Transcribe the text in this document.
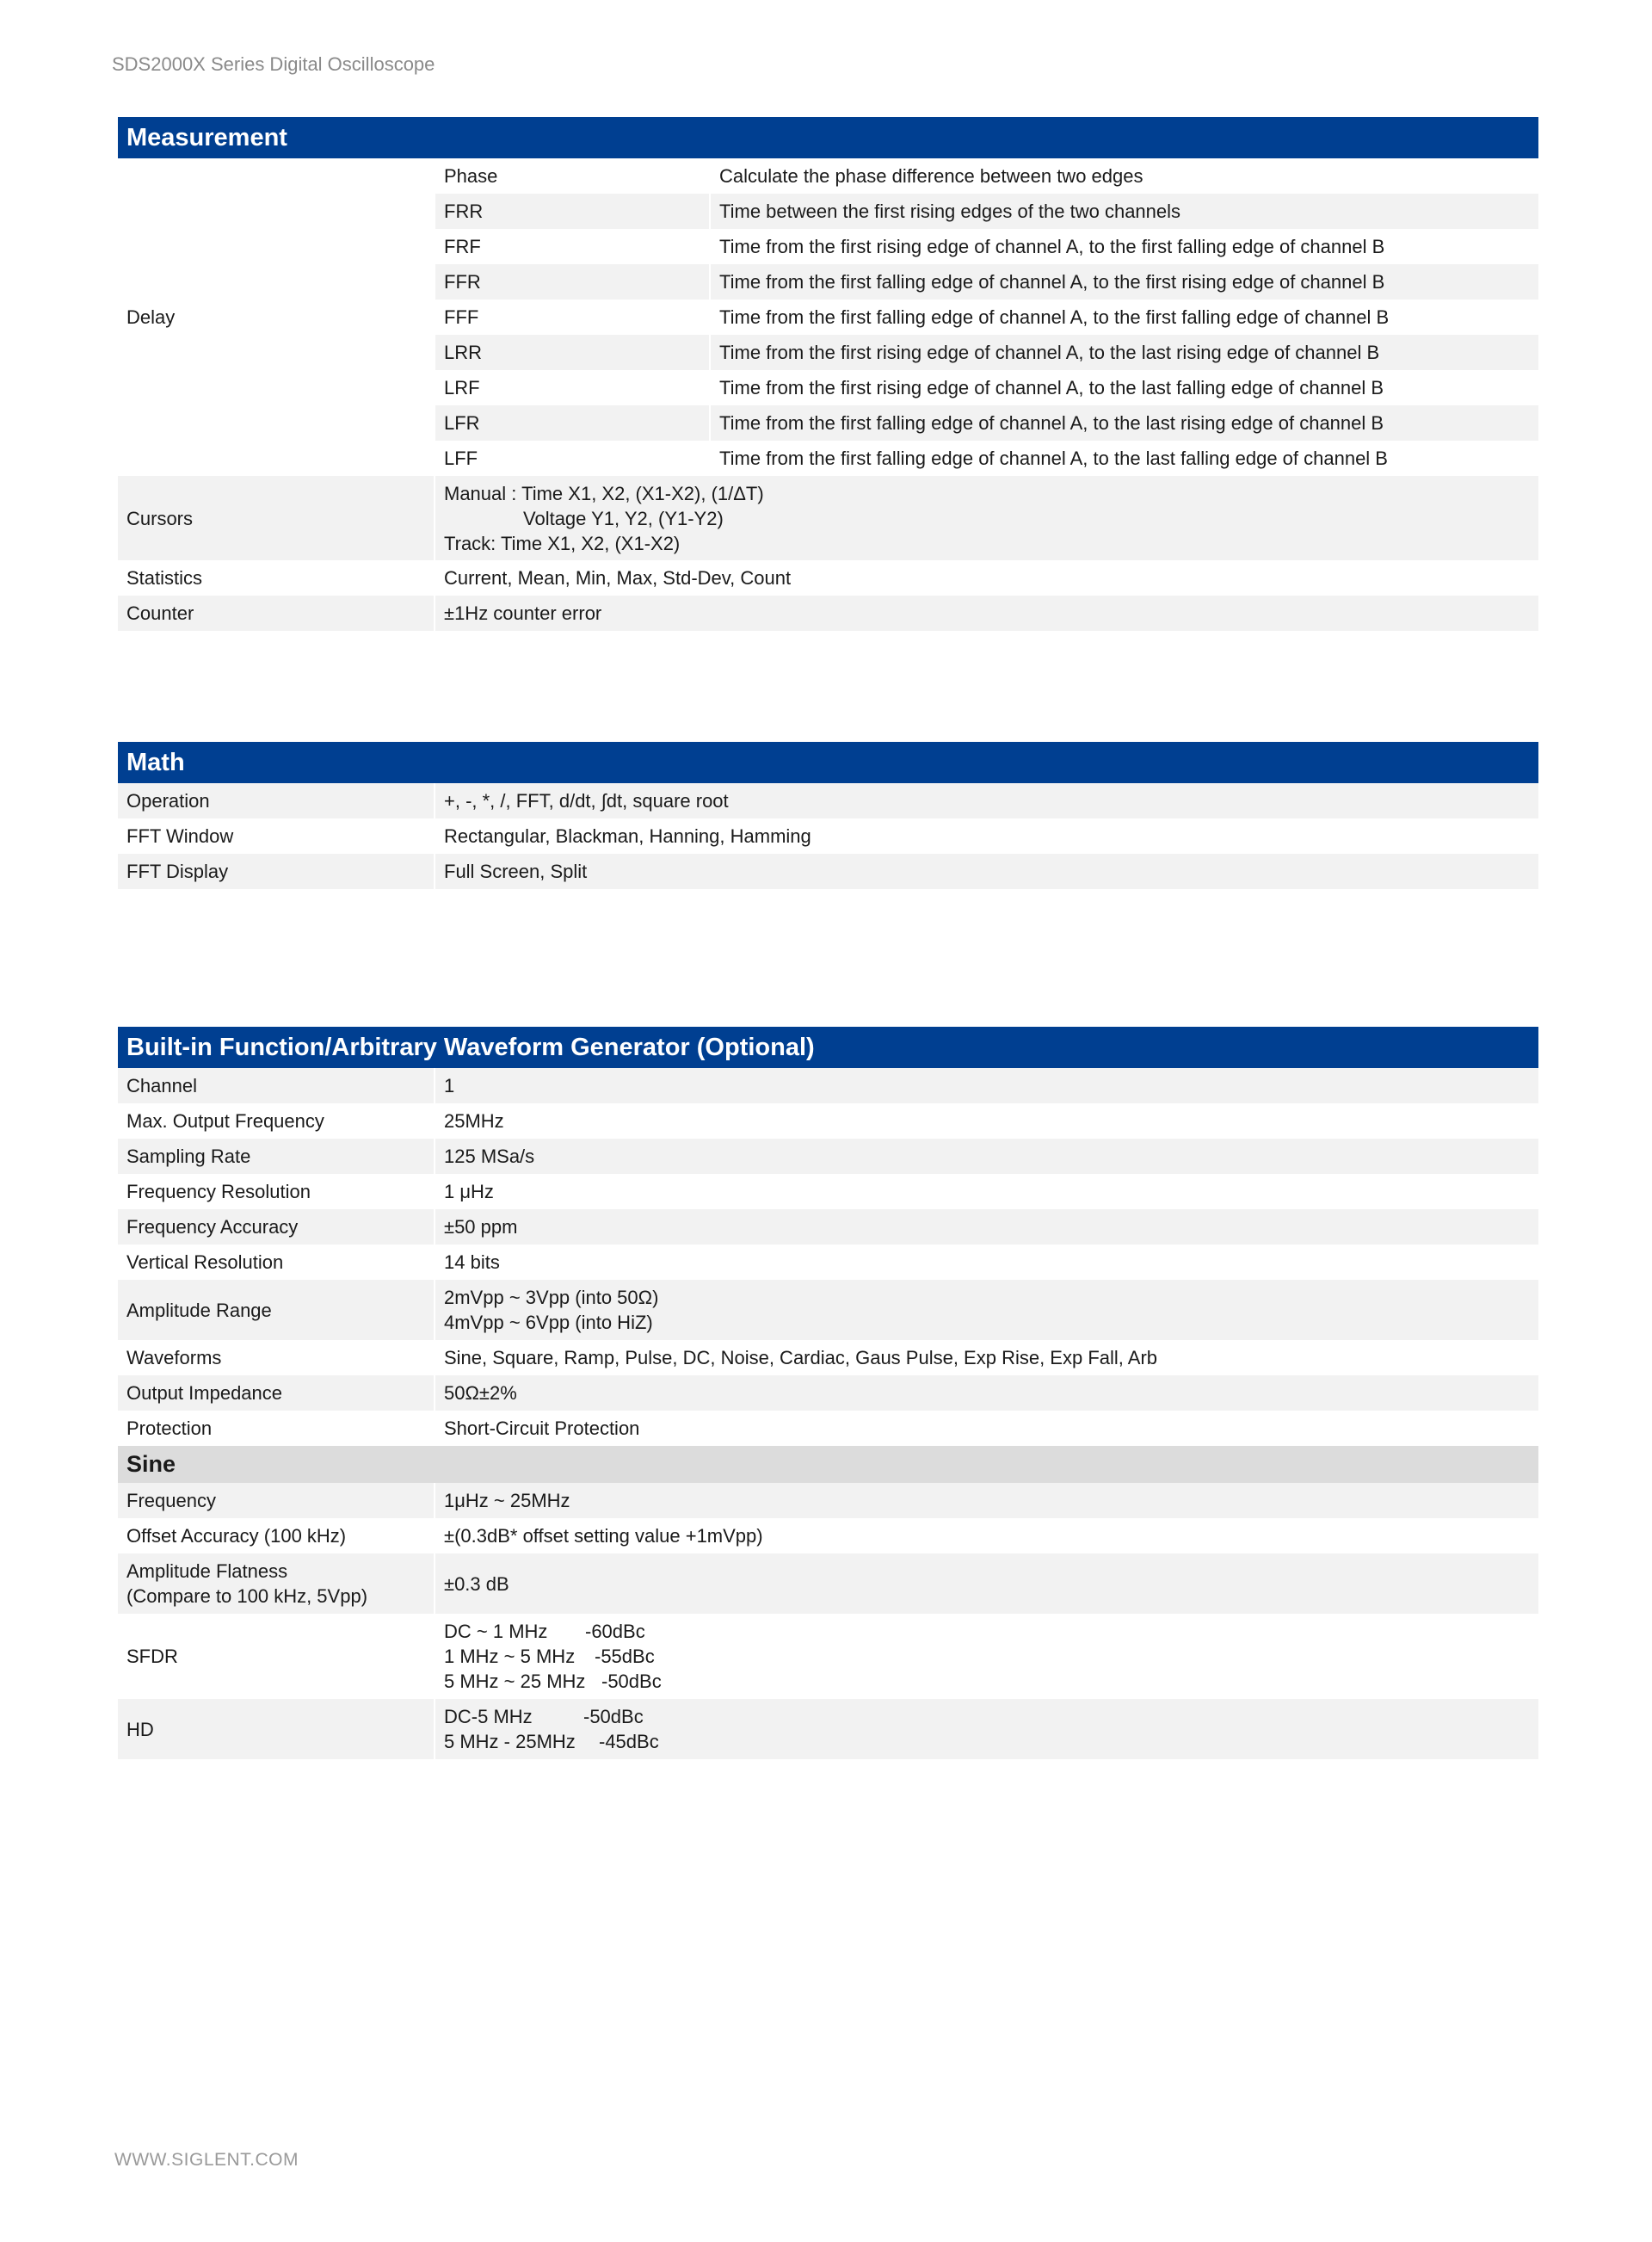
SDS2000X Series Digital Oscilloscope
Measurement		
Delay	Phase	Calculate the phase difference between two edges
	FRR	Time between the first rising edges of the two channels
	FRF	Time from the first rising edge of channel A, to the first falling edge of channel B
	FFR	Time from the first falling edge of channel A, to the first rising edge of channel B
	FFF	Time from the first falling edge of channel A, to the first falling edge of channel B
	LRR	Time from the first rising edge of channel A, to the last rising edge of channel B
	LRF	Time from the first rising edge of channel A, to the last falling edge of channel B
	LFR	Time from the first falling edge of channel A, to the last rising edge of channel B
	LFF	Time from the first falling edge of channel A, to the last falling edge of channel B
Cursors	Manual : Time X1, X2, (X1-X2), (1/ΔT)
Voltage Y1, Y2, (Y1-Y2)
Track: Time X1, X2, (X1-X2)	

Statistics	Current, Mean, Min, Max, Std-Dev, Count	
Counter	±1Hz counter error	
Math	
Operation	+, -, *, /, FFT, d/dt, ∫dt, square root
FFT Window	Rectangular, Blackman, Hanning, Hamming
FFT Display	Full Screen, Split
Built-in Function/Arbitrary Waveform Generator (Optional)	
Channel	1
Max. Output Frequency	25MHz
Sampling Rate	125 MSa/s
Frequency Resolution	1 μHz
Frequency Accuracy	±50 ppm
Vertical Resolution	14 bits
Amplitude Range	2mVpp ~ 3Vpp (into 50Ω)
4mVpp ~ 6Vpp (into HiZ)

Waveforms	Sine, Square, Ramp, Pulse, DC, Noise, Cardiac, Gaus Pulse, Exp Rise, Exp Fall, Arb
Output Impedance	50Ω±2%
Protection	Short-Circuit Protection
Sine	
Frequency	1μHz ~ 25MHz
Offset Accuracy (100 kHz)	±(0.3dB* offset setting value +1mVpp)

Amplitude Flatness
(Compare to 100 kHz, 5Vpp)	±0.3 dB
SFDR	DC ~ 1 MHz -60dBc
1 MHz ~ 5 MHz -55dBc
5 MHz ~ 25 MHz -50dBc

HD	DC-5 MHz -50dBc
5 MHz - 25MHz -45dBc
WWW.SIGLENT.COM
